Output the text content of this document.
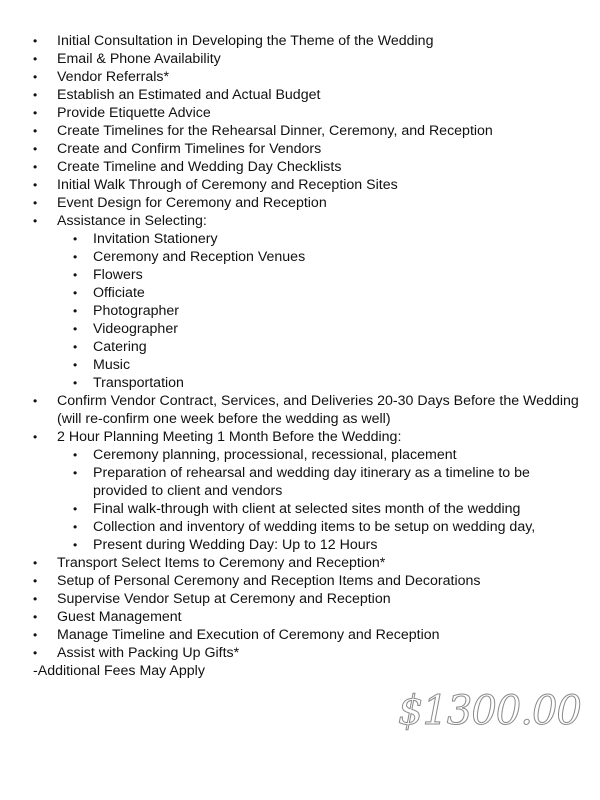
• Initial Consultation in Developing the Theme of the Wedding
• Email & Phone Availability
• Vendor Referrals*
• Establish an Estimated and Actual Budget
• Provide Etiquette Advice
• Create Timelines for the Rehearsal Dinner, Ceremony, and Reception
• Create and Confirm Timelines for Vendors
• Create Timeline and Wedding Day Checklists
• Initial Walk Through of Ceremony and Reception Sites
• Event Design for Ceremony and Reception
• Assistance in Selecting:
• Invitation Stationery
• Ceremony and Reception Venues
• Flowers
• Officiate
• Photographer
• Videographer
• Catering
• Music
• Transportation
• Confirm Vendor Contract, Services, and Deliveries 20-30 Days Before the Wedding (will re-confirm one week before the wedding as well)
• 2 Hour Planning Meeting 1 Month Before the Wedding:
• Ceremony planning, processional, recessional, placement
• Preparation of rehearsal and wedding day itinerary as a timeline to be provided to client and vendors
• Final walk-through with client at selected sites month of the wedding
• Collection and inventory of wedding items to be setup on wedding day,
• Present during Wedding Day: Up to 12 Hours
• Transport Select Items to Ceremony and Reception*
• Setup of Personal Ceremony and Reception Items and Decorations
• Supervise Vendor Setup at Ceremony and Reception
• Guest Management
• Manage Timeline and Execution of Ceremony and Reception
• Assist with Packing Up Gifts*
-Additional Fees May Apply
$1300.00
